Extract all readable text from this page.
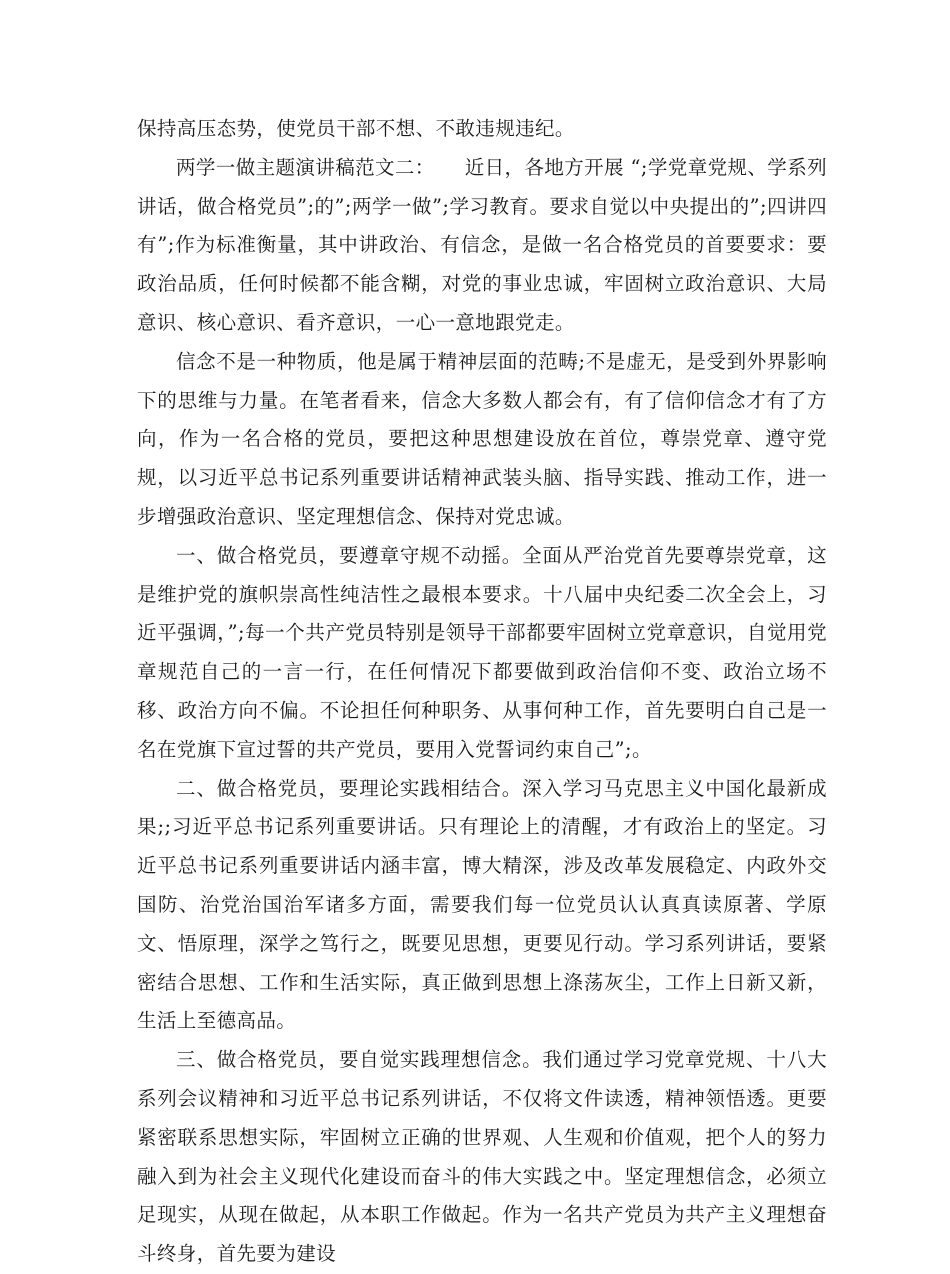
保持高压态势，使党员干部不想、不敢违规违纪。

两学一做主题演讲稿范文二：　　近日，各地方开展 “;学党章党规、学系列讲话，做合格党员”;的”;两学一做”;学习教育。要求自觉以中央提出的”;四讲四有”;作为标准衡量，其中讲政治、有信念，是做一名合格党员的首要要求：要政治品质，任何时候都不能含糊，对党的事业忠诚，牢固树立政治意识、大局意识、核心意识、看齐意识，一心一意地跟党走。

信念不是一种物质，他是属于精神层面的范畴;不是虚无，是受到外界影响下的思维与力量。在笔者看来，信念大多数人都会有，有了信仰信念才有了方向，作为一名合格的党员，要把这种思想建设放在首位，尊崇党章、遵守党规，以习近平总书记系列重要讲话精神武装头脑、指导实践、推动工作，进一步增强政治意识、坚定理想信念、保持对党忠诚。

一、做合格党员，要遵章守规不动摇。全面从严治党首先要尊崇党章，这是维护党的旗帜崇高性纯洁性之最根本要求。十八届中央纪委二次全会上，习近平强调，”;每一个共产党员特别是领导干部都要牢固树立党章意识，自觉用党章规范自己的一言一行，在任何情况下都要做到政治信仰不变、政治立场不移、政治方向不偏。不论担任何种职务、从事何种工作，首先要明白自己是一名在党旗下宣过誓的共产党员，要用入党誓词约束自己”;。

二、做合格党员，要理论实践相结合。深入学习马克思主义中国化最新成果;;习近平总书记系列重要讲话。只有理论上的清醒，才有政治上的坚定。习近平总书记系列重要讲话内涵丰富，博大精深，涉及改革发展稳定、内政外交国防、治党治国治军诸多方面，需要我们每一位党员认认真真读原著、学原文、悟原理，深学之笃行之，既要见思想，更要见行动。学习系列讲话，要紧密结合思想、工作和生活实际，真正做到思想上涤荡灰尘，工作上日新又新，生活上至德高品。

三、做合格党员，要自觉实践理想信念。我们通过学习党章党规、十八大系列会议精神和习近平总书记系列讲话，不仅将文件读透，精神领悟透。更要紧密联系思想实际，牢固树立正确的世界观、人生观和价值观，把个人的努力融入到为社会主义现代化建设而奋斗的伟大实践之中。坚定理想信念，必须立足现实，从现在做起，从本职工作做起。作为一名共产党员为共产主义理想奋斗终身，首先要为建设
